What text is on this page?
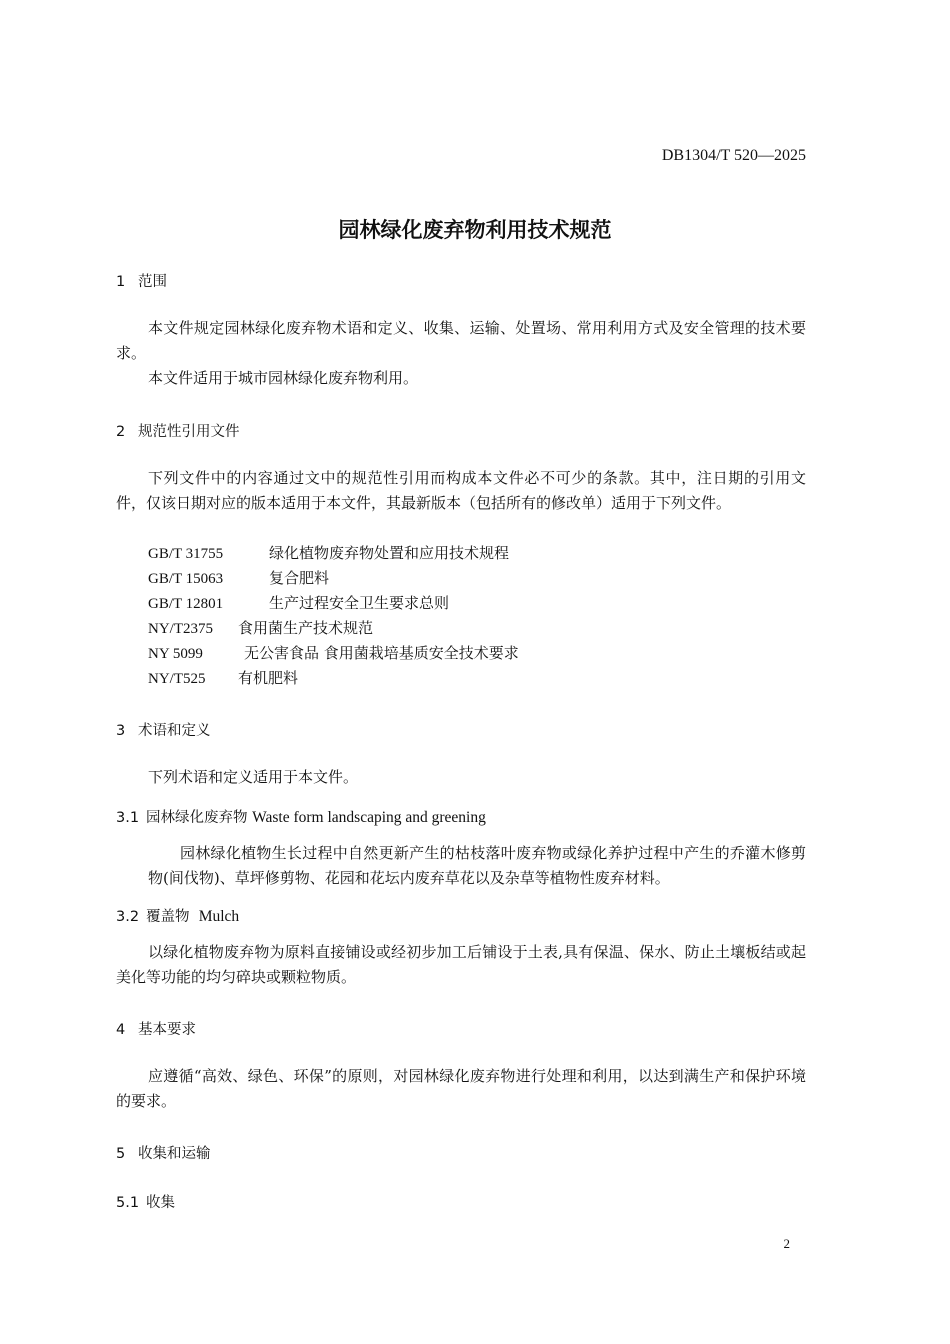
DB1304/T 520—2025
园林绿化废弃物利用技术规范
1 范围
本文件规定园林绿化废弃物术语和定义、收集、运输、处置场、常用利用方式及安全管理的技术要求。
本文件适用于城市园林绿化废弃物利用。
2 规范性引用文件
下列文件中的内容通过文中的规范性引用而构成本文件必不可少的条款。其中，注日期的引用文件，仅该日期对应的版本适用于本文件，其最新版本（包括所有的修改单）适用于下列文件。
GB/T 31755	绿化植物废弃物处置和应用技术规程
GB/T 15063	复合肥料
GB/T 12801	生产过程安全卫生要求总则
NY/T2375 食用菌生产技术规范
NY 5099	无公害食品 食用菌栽培基质安全技术要求
NY/T525 有机肥料
3 术语和定义
下列术语和定义适用于本文件。
3.1 园林绿化废弃物 Waste form landscaping and greening
园林绿化植物生长过程中自然更新产生的枯枝落叶废弃物或绿化养护过程中产生的乔灌木修剪物(间伐物)、草坪修剪物、花园和花坛内废弃草花以及杂草等植物性废弃材料。
3.2 覆盖物 Mulch
以绿化植物废弃物为原料直接铺设或经初步加工后铺设于土表,具有保温、保水、防止土壤板结或起美化等功能的均匀碎块或颗粒物质。
4 基本要求
应遵循“高效、绿色、环保”的原则，对园林绿化废弃物进行处理和利用，以达到满生产和保护环境的要求。
5 收集和运输
5.1 收集
2
